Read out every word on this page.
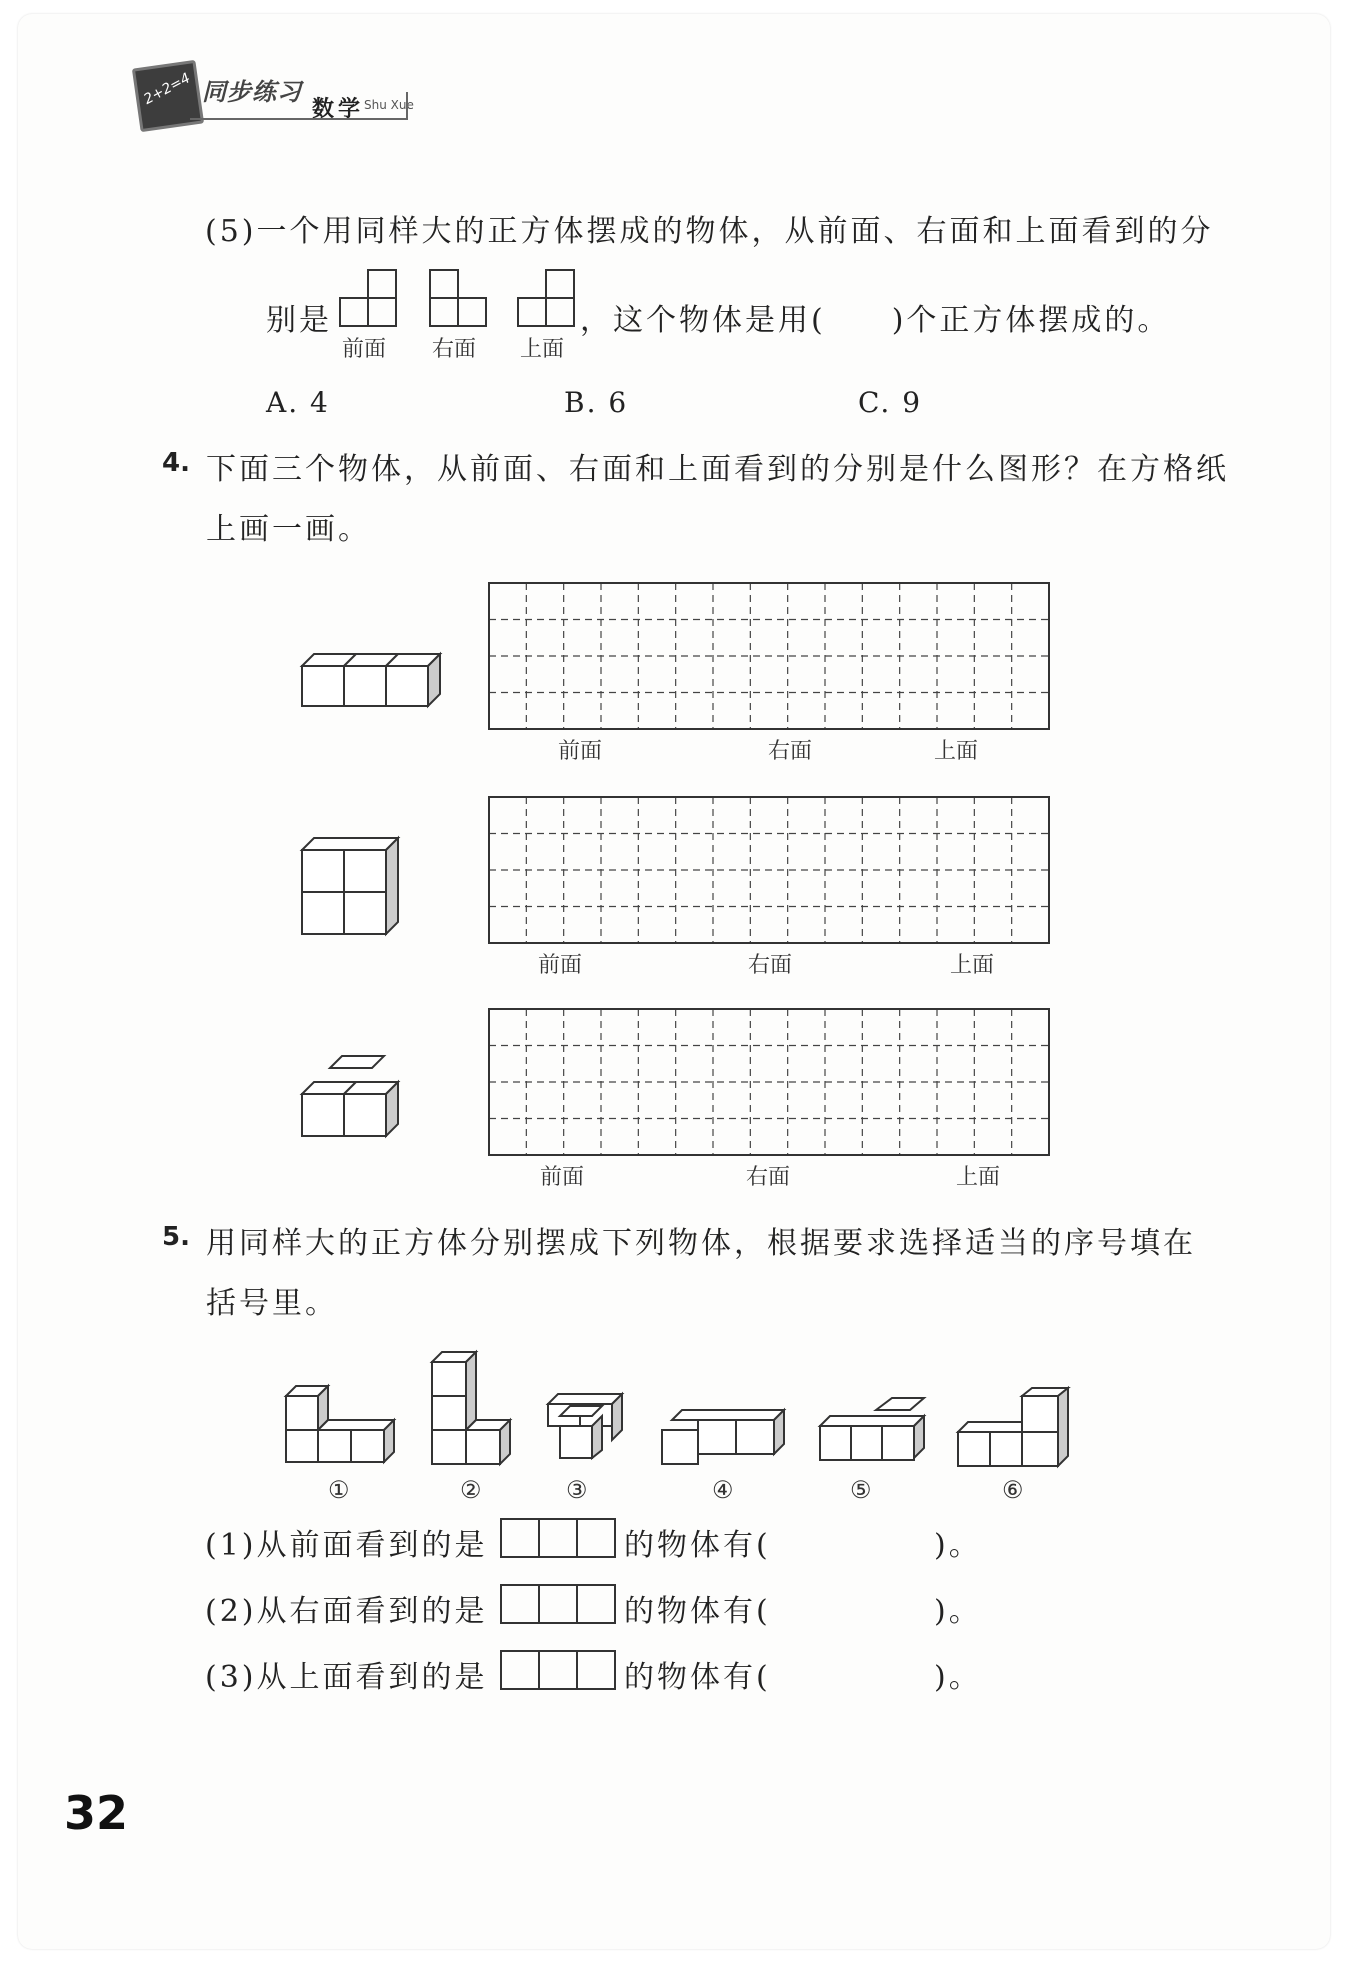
2+2=4 同步练习
数学 Shu Xue
(5)一个用同样大的正方体摆成的物体，从前面、右面和上面看到的分
别是
前面 右面 上面
，这个物体是用(　　)个正方体摆成的。
A. 4	B. 6	C. 9
4. 下面三个物体，从前面、右面和上面看到的分别是什么图形？在方格纸
上画一画。
前面	右面	上面
前面	右面	上面
前面	右面	上面
5. 用同样大的正方体分别摆成下列物体，根据要求选择适当的序号填在
括号里。
①	②	③	④	⑤	⑥
(1)从前面看到的是	的物体有(	)。
(2)从右面看到的是	的物体有(	)。
(3)从上面看到的是	的物体有(	)。
32
